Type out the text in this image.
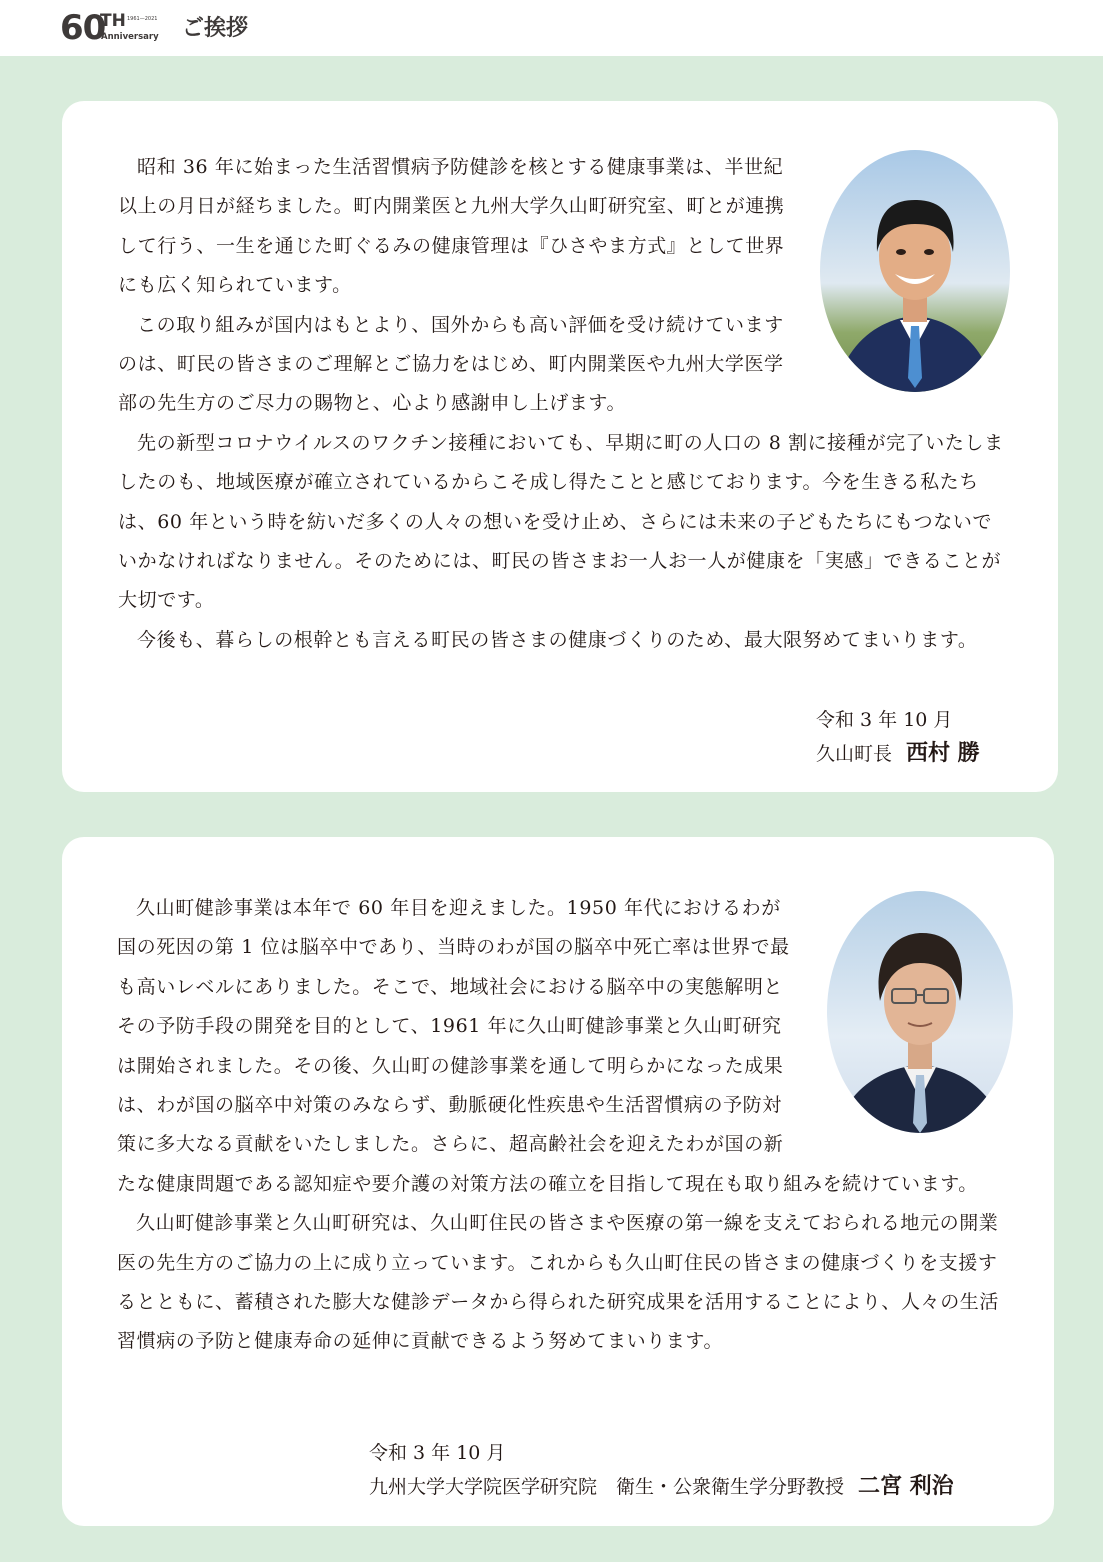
60
TH 1961—2021
Anniversary ご挨拶

昭和 36 年に始まった生活習慣病予防健診を核とする健康事業は、半世紀以上の月日が経ちました。町内開業医と九州大学久山町研究室、町とが連携して行う、一生を通じた町ぐるみの健康管理は『ひさやま方式』として世界にも広く知られています。

この取り組みが国内はもとより、国外からも高い評価を受け続けていますのは、町民の皆さまのご理解とご協力をはじめ、町内開業医や九州大学医学部の先生方のご尽力の賜物と、心より感謝申し上げます。

先の新型コロナウイルスのワクチン接種においても、早期に町の人口の 8 割に接種が完了いたしましたのも、地域医療が確立されているからこそ成し得たことと感じております。今を生きる私たちは、60 年という時を紡いだ多くの人々の想いを受け止め、さらには未来の子どもたちにもつないでいかなければなりません。そのためには、町民の皆さまお一人お一人が健康を「実感」できることが大切です。

今後も、暮らしの根幹とも言える町民の皆さまの健康づくりのため、最大限努めてまいります。

令和 3 年 10 月
久山町長 西村 勝

久山町健診事業は本年で 60 年目を迎えました。1950 年代におけるわが国の死因の第 1 位は脳卒中であり、当時のわが国の脳卒中死亡率は世界で最も高いレベルにありました。そこで、地域社会における脳卒中の実態解明とその予防手段の開発を目的として、1961 年に久山町健診事業と久山町研究は開始されました。その後、久山町の健診事業を通して明らかになった成果は、わが国の脳卒中対策のみならず、動脈硬化性疾患や生活習慣病の予防対策に多大なる貢献をいたしました。さらに、超高齢社会を迎えたわが国の新たな健康問題である認知症や要介護の対策方法の確立を目指して現在も取り組みを続けています。

久山町健診事業と久山町研究は、久山町住民の皆さまや医療の第一線を支えておられる地元の開業医の先生方のご協力の上に成り立っています。これからも久山町住民の皆さまの健康づくりを支援するとともに、蓄積された膨大な健診データから得られた研究成果を活用することにより、人々の生活習慣病の予防と健康寿命の延伸に貢献できるよう努めてまいります。

令和 3 年 10 月
九州大学大学院医学研究院　衛生・公衆衛生学分野教授 二宮 利治
